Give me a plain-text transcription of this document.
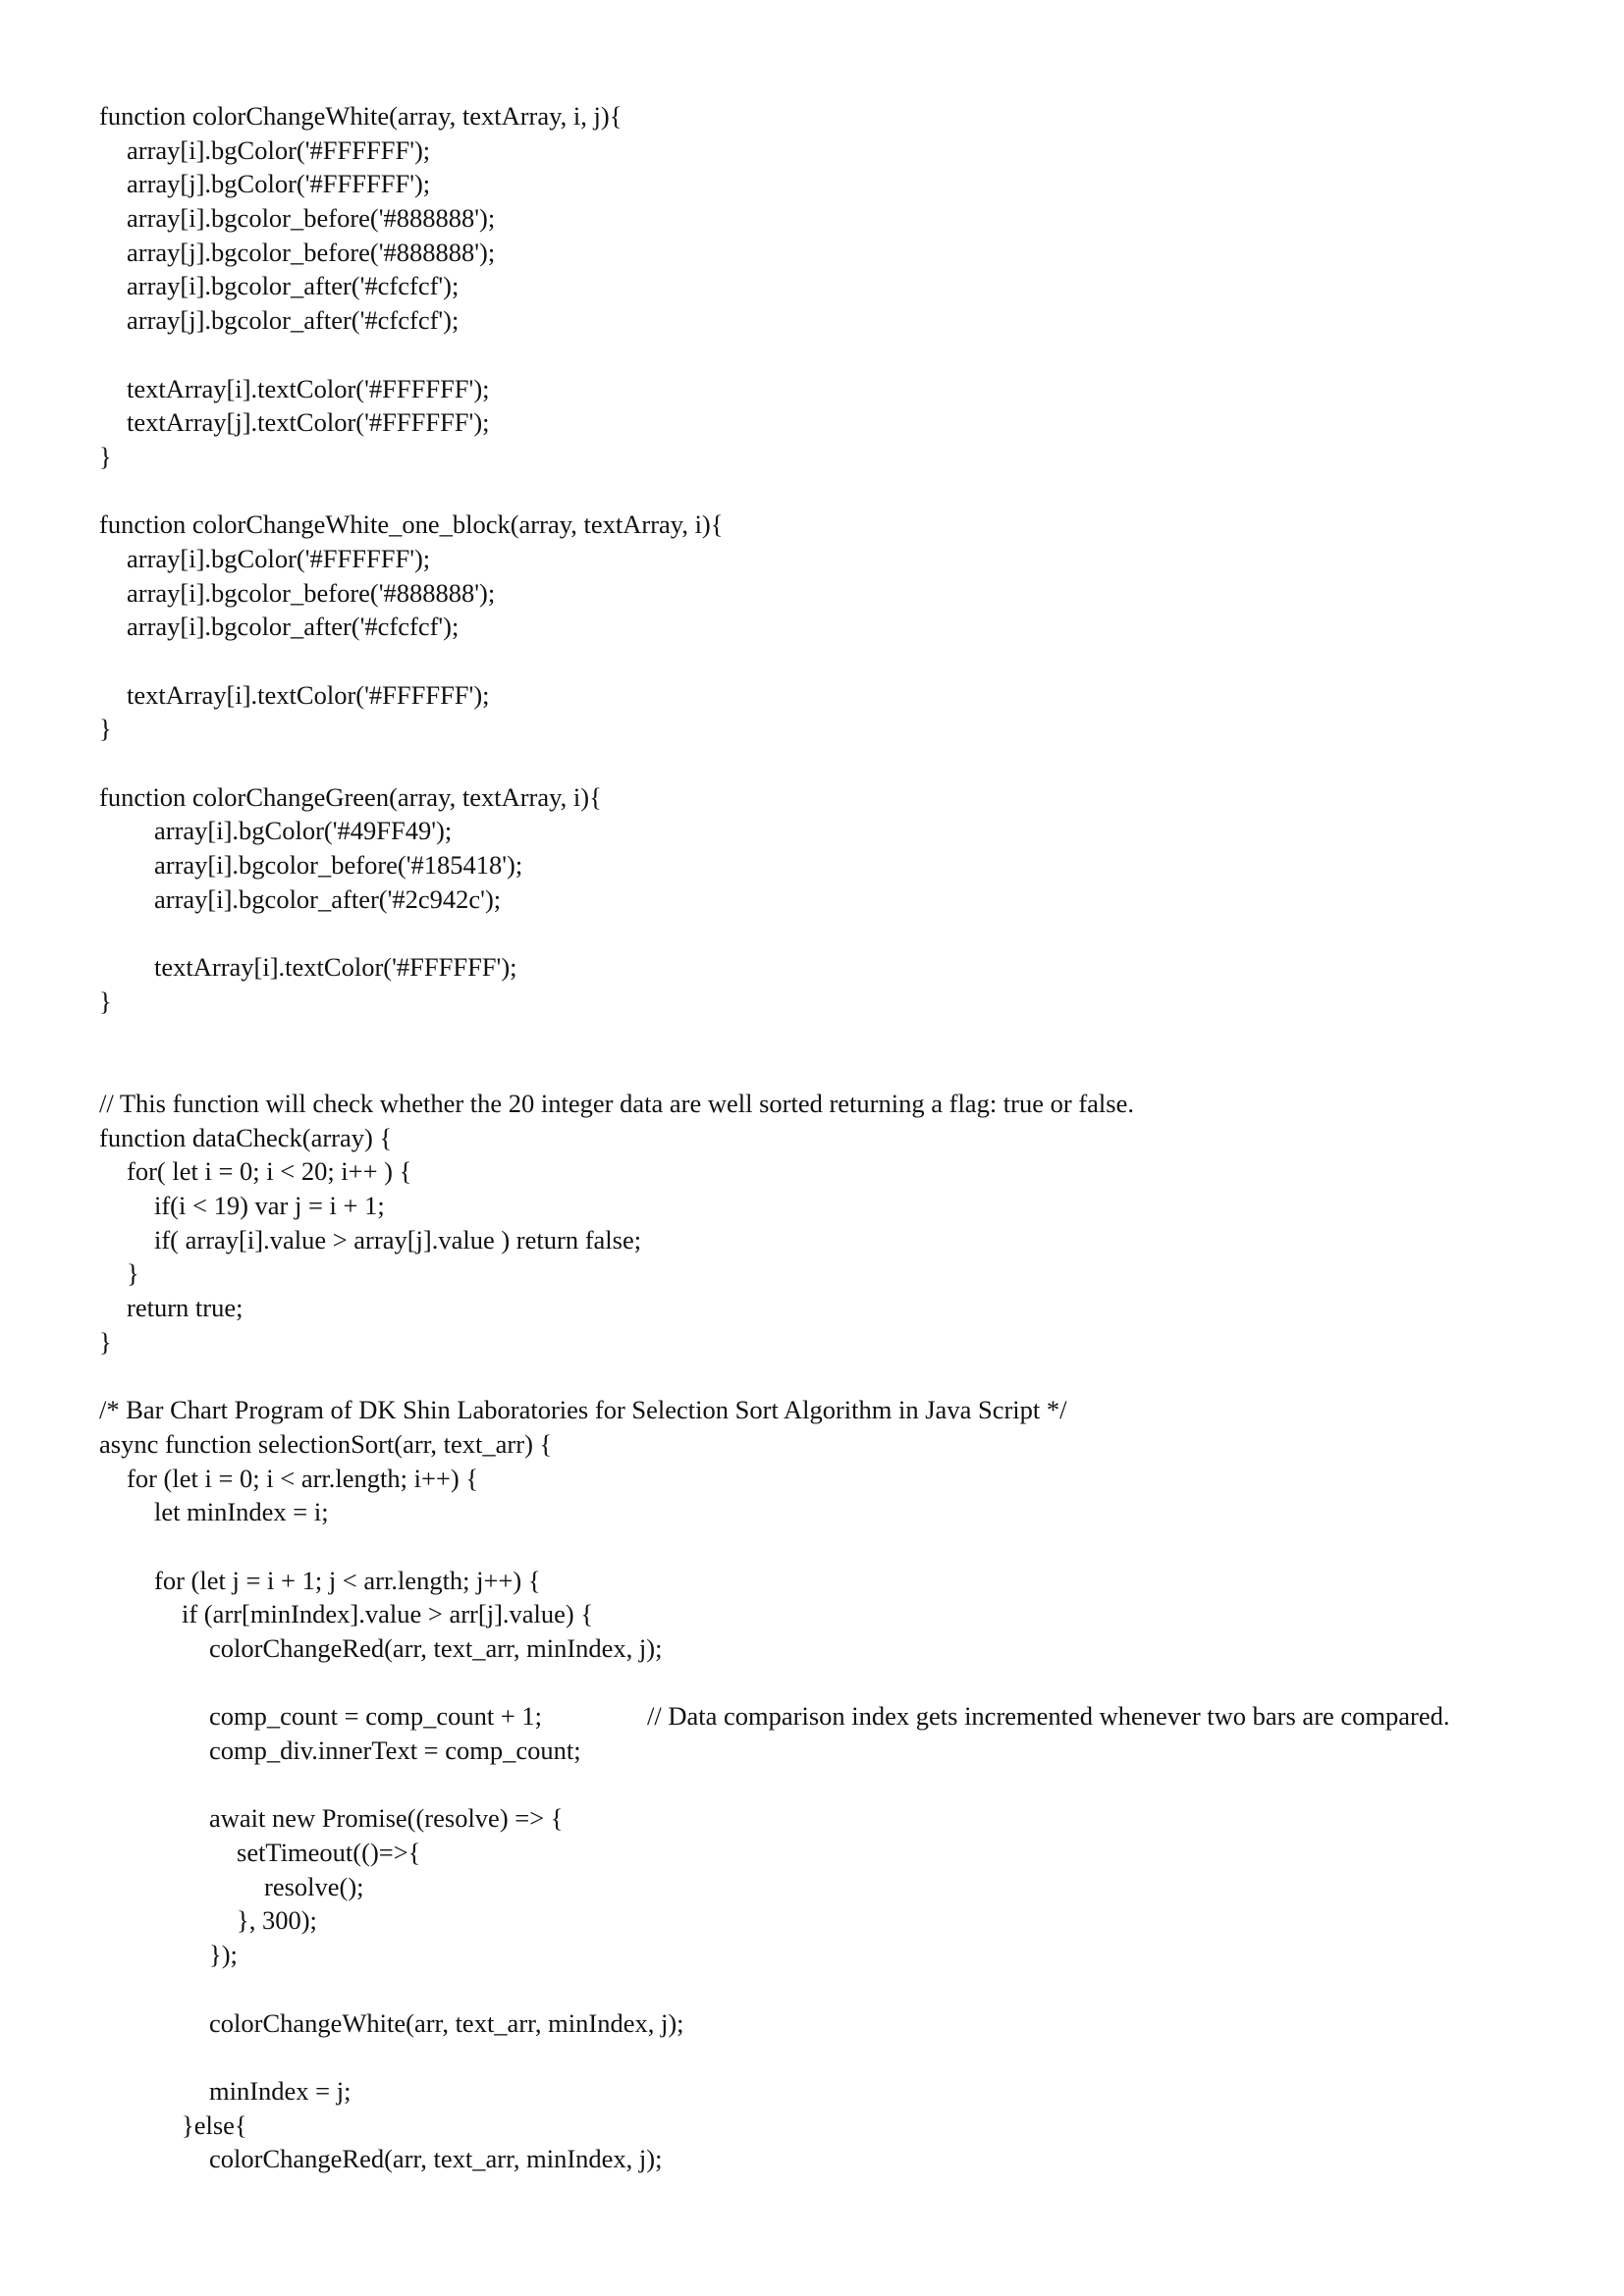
function colorChangeWhite(array, textArray, i, j){
array[i].bgColor('#FFFFFF');
array[j].bgColor('#FFFFFF');
array[i].bgcolor_before('#888888');
array[j].bgcolor_before('#888888');
array[i].bgcolor_after('#cfcfcf');
array[j].bgcolor_after('#cfcfcf');
textArray[i].textColor('#FFFFFF');
textArray[j].textColor('#FFFFFF');
}
function colorChangeWhite_one_block(array, textArray, i){
array[i].bgColor('#FFFFFF');
array[i].bgcolor_before('#888888');
array[i].bgcolor_after('#cfcfcf');
textArray[i].textColor('#FFFFFF');
}
function colorChangeGreen(array, textArray, i){
array[i].bgColor('#49FF49');
array[i].bgcolor_before('#185418');
array[i].bgcolor_after('#2c942c');
textArray[i].textColor('#FFFFFF');
}
// This function will check whether the 20 integer data are well sorted returning a flag: true or false.
function dataCheck(array) {
for( let i = 0; i < 20; i++ ) {
if(i < 19) var j = i + 1;
if( array[i].value > array[j].value ) return false;
}
return true;
}
/* Bar Chart Program of DK Shin Laboratories for Selection Sort Algorithm in Java Script */
async function selectionSort(arr, text_arr) {
for (let i = 0; i < arr.length; i++) {
let minIndex = i;
for (let j = i + 1; j < arr.length; j++) {
if (arr[minIndex].value > arr[j].value) {
colorChangeRed(arr, text_arr, minIndex, j);
comp_count = comp_count + 1;	// Data comparison index gets incremented whenever two bars are compared.
comp_div.innerText = comp_count;
await new Promise((resolve) => {
setTimeout(()=>{
resolve();
}, 300);
});
colorChangeWhite(arr, text_arr, minIndex, j);
minIndex = j;
}else{
colorChangeRed(arr, text_arr, minIndex, j);
